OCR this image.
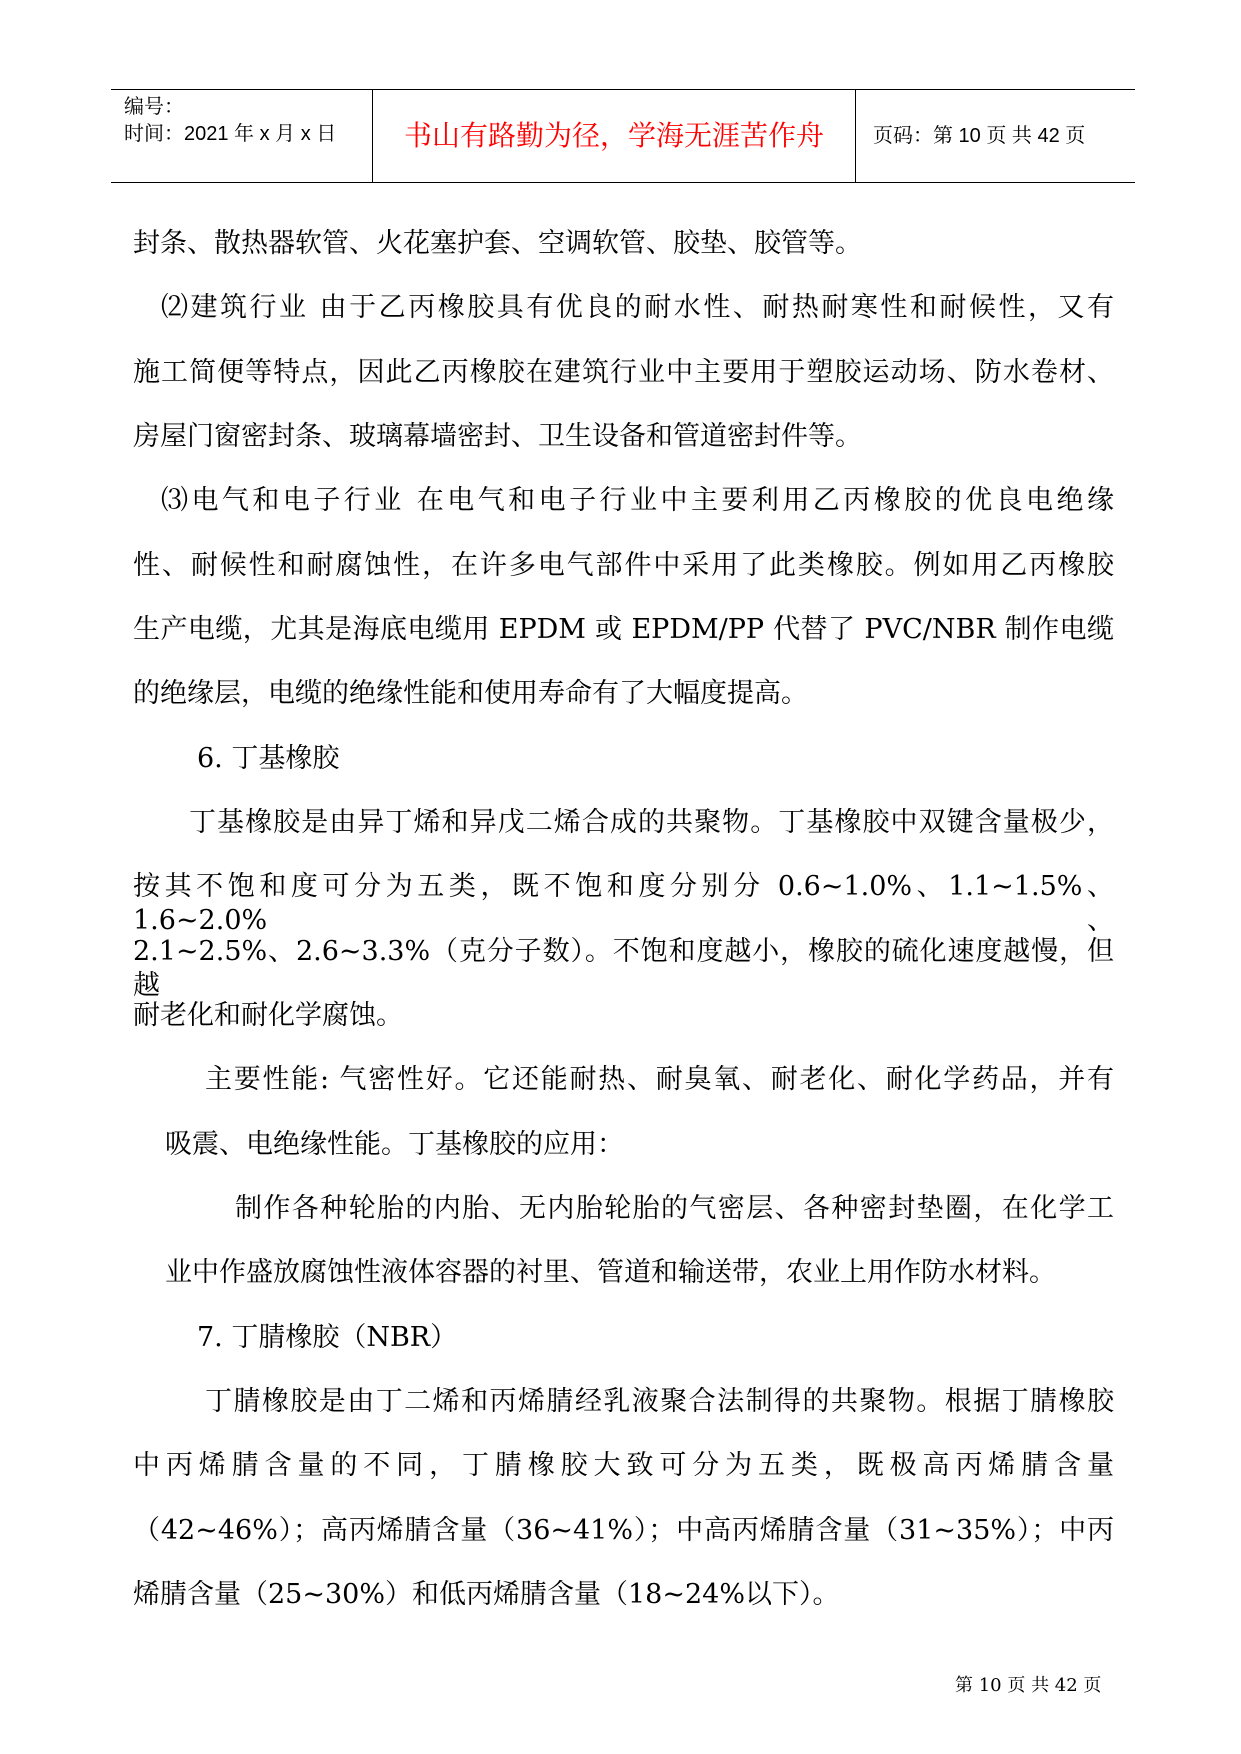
编号：
时间：2021 年 x 月 x 日	书山有路勤为径，学海无涯苦作舟	页码：第 10 页 共 42 页
封条、散热器软管、火花塞护套、空调软管、胶垫、胶管等。
⑵建筑行业 由于乙丙橡胶具有优良的耐水性、耐热耐寒性和耐候性，又有
施工简便等特点，因此乙丙橡胶在建筑行业中主要用于塑胶运动场、防水卷材、
房屋门窗密封条、玻璃幕墙密封、卫生设备和管道密封件等。
⑶电气和电子行业 在电气和电子行业中主要利用乙丙橡胶的优良电绝缘
性、耐候性和耐腐蚀性，在许多电气部件中采用了此类橡胶。例如用乙丙橡胶
生产电缆，尤其是海底电缆用 EPDM 或 EPDM/PP 代替了 PVC/NBR 制作电缆
的绝缘层，电缆的绝缘性能和使用寿命有了大幅度提高。
6. 丁基橡胶
丁基橡胶是由异丁烯和异戊二烯合成的共聚物。丁基橡胶中双键含量极少，
按其不饱和度可分为五类，既不饱和度分别分 0.6~1.0%、1.1~1.5%、1.6~2.0%、
2.1~2.5%、2.6~3.3%（克分子数）。不饱和度越小，橡胶的硫化速度越慢，但越
耐老化和耐化学腐蚀。
主要性能: 气密性好。它还能耐热、耐臭氧、耐老化、耐化学药品，并有
吸震、电绝缘性能。丁基橡胶的应用：
制作各种轮胎的内胎、无内胎轮胎的气密层、各种密封垫圈，在化学工
业中作盛放腐蚀性液体容器的衬里、管道和输送带，农业上用作防水材料。
7. 丁腈橡胶（NBR）
丁腈橡胶是由丁二烯和丙烯腈经乳液聚合法制得的共聚物。根据丁腈橡胶
中丙烯腈含量的不同，丁腈橡胶大致可分为五类，既极高丙烯腈含量
（42~46%）；高丙烯腈含量（36~41%）；中高丙烯腈含量（31~35%）；中丙
烯腈含量（25~30%）和低丙烯腈含量（18~24%以下）。
第 10 页 共 42 页
